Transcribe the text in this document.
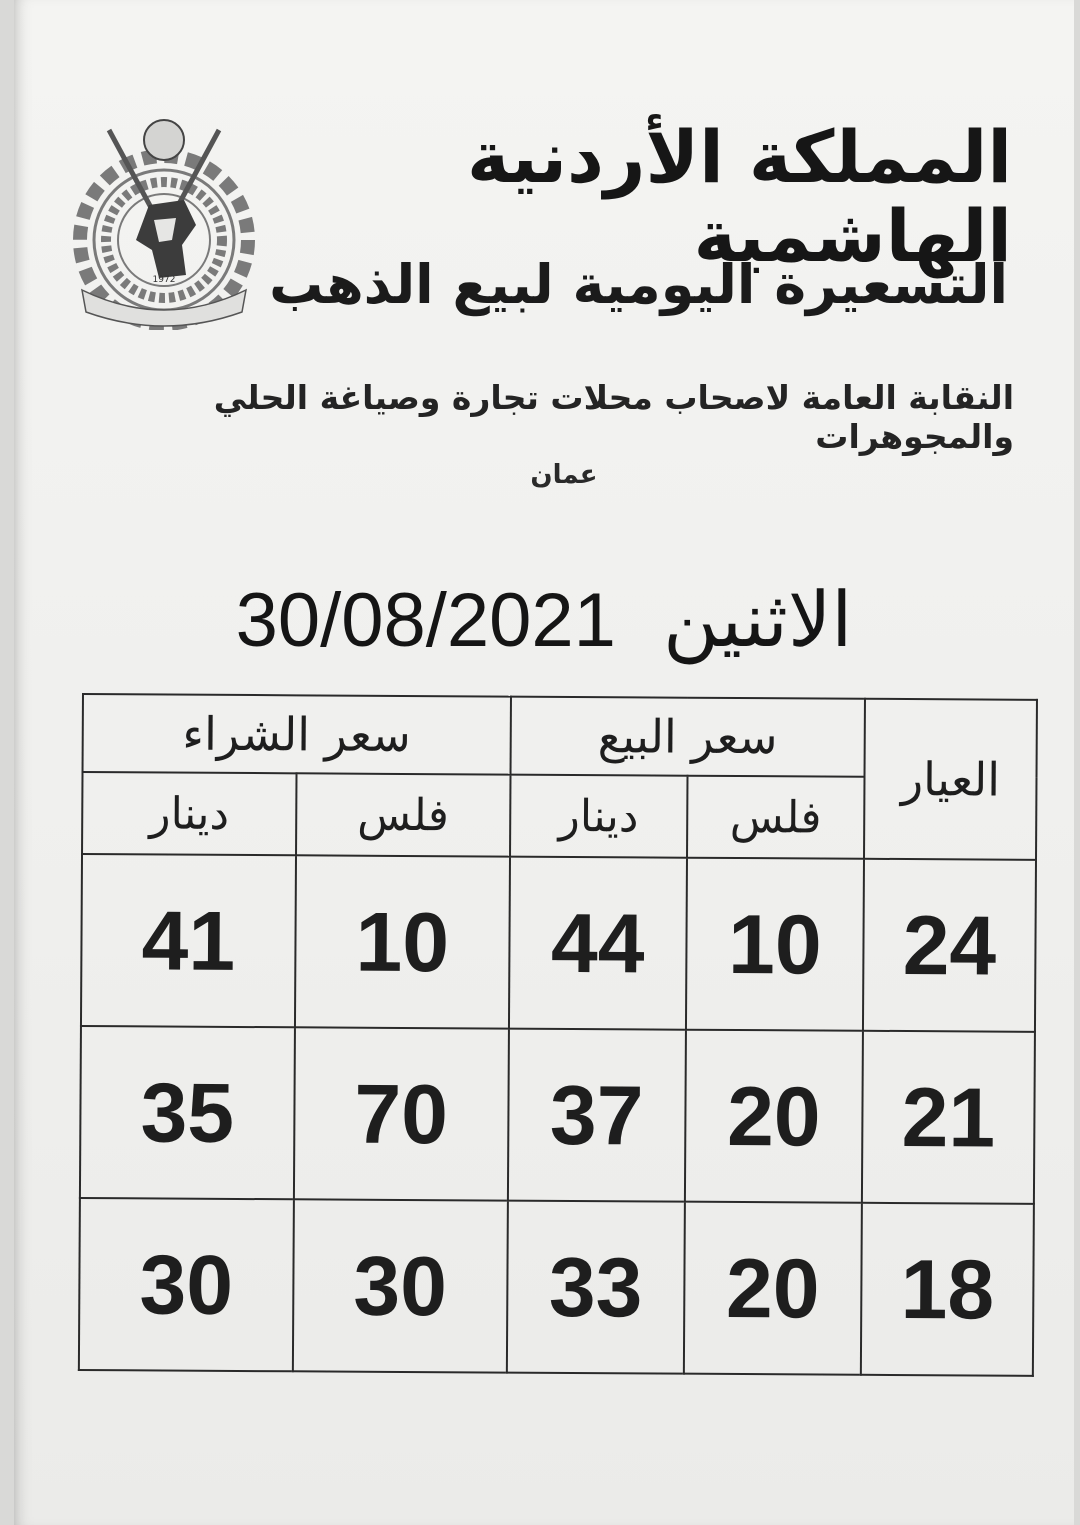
1972
المملكة الأردنية الهاشمية
التسعيرة اليومية لبيع الذهب
النقابة العامة لاصحاب محلات تجارة وصياغة الحلي والمجوهرات
عمان
الاثنين 30/08/2021
العيار	سعر البيع		سعر الشراء	
	فلس	دينار	فلس	دينار
24	10	44	10	41
21	20	37	70	35
18	20	33	30	30
